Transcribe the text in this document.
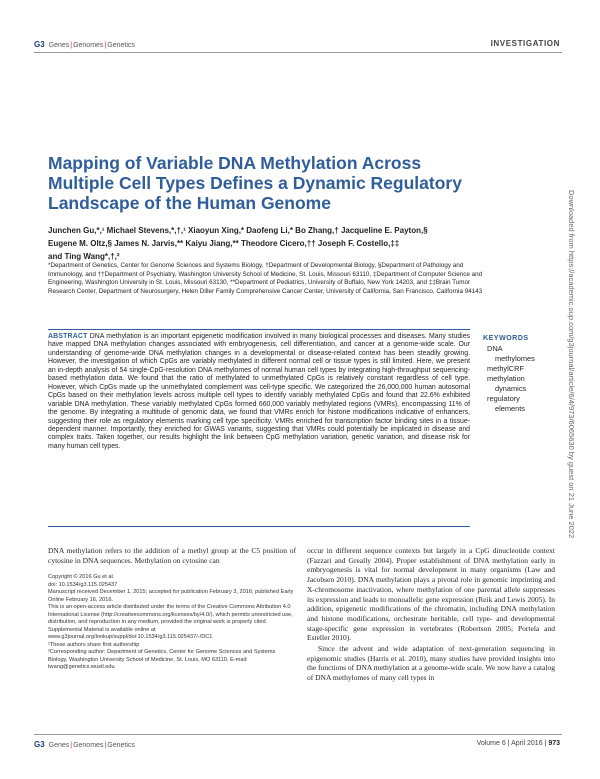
G3 Genes|Genomes|Genetics	INVESTIGATION
Mapping of Variable DNA Methylation Across Multiple Cell Types Defines a Dynamic Regulatory Landscape of the Human Genome
Junchen Gu,*,¹ Michael Stevens,*,†,¹ Xiaoyun Xing,* Daofeng Li,* Bo Zhang,† Jacqueline E. Payton,§
Eugene M. Oltz,§ James N. Jarvis,** Kaiyu Jiang,** Theodore Cicero,†† Joseph F. Costello,‡‡
and Ting Wang*,†,²
*Department of Genetics, Center for Genome Sciences and Systems Biology, †Department of Developmental Biology, §Department of Pathology and Immunology, and ††Department of Psychiatry, Washington University School of Medicine, St. Louis, Missouri 63110, ‡Department of Computer Science and Engineering, Washington University in St. Louis, Missouri 63130, **Department of Pediatrics, University of Buffalo, New York 14203, and ‡‡Brain Tumor Research Center, Department of Neurosurgery, Helen Diller Family Comprehensive Cancer Center, University of California, San Francisco, California 94143
ABSTRACT DNA methylation is an important epigenetic modification involved in many biological processes and diseases. Many studies have mapped DNA methylation changes associated with embryogenesis, cell differentiation, and cancer at a genome-wide scale. Our understanding of genome-wide DNA methylation changes in a developmental or disease-related context has been steadily growing. However, the investigation of which CpGs are variably methylated in different normal cell or tissue types is still limited. Here, we present an in-depth analysis of 54 single-CpG-resolution DNA methylomes of normal human cell types by integrating high-throughput sequencing-based methylation data. We found that the ratio of methylated to unmethylated CpGs is relatively constant regardless of cell type. However, which CpGs made up the unmethylated complement was cell-type specific. We categorized the 26,000,000 human autosomal CpGs based on their methylation levels across multiple cell types to identify variably methylated CpGs and found that 22.6% exhibited variable DNA methylation. These variably methylated CpGs formed 660,000 variably methylated regions (VMRs), encompassing 11% of the genome. By integrating a multitude of genomic data, we found that VMRs enrich for histone modifications indicative of enhancers, suggesting their role as regulatory elements marking cell type specificity. VMRs enriched for transcription factor binding sites in a tissue-dependent manner. Importantly, they enriched for GWAS variants, suggesting that VMRs could potentially be implicated in disease and complex traits. Taken together, our results highlight the link between CpG methylation variation, genetic variation, and disease risk for many human cell types.
KEYWORDS
DNA
methylomes
methylCRF
methylation
dynamics
regulatory
elements	Downloaded from https://academic.oup.com/g3journal/article/6/4/973/6065630 by guest on 21 June 2022
DNA methylation refers to the addition of a methyl group at the C5 position of cytosine in DNA sequences. Methylation on cytosine can
Copyright © 2016 Gu et al.
doi: 10.1534/g3.115.025437
Manuscript received December 1, 2015; accepted for publication February 3, 2016; published Early Online February 16, 2016.
This is an open-access article distributed under the terms of the Creative Commons Attribution 4.0 International License (http://creativecommons.org/licenses/by/4.0/), which permits unrestricted use, distribution, and reproduction in any medium, provided the original work is properly cited.
Supplemental Material is available online at www.g3journal.org/lookup/suppl/doi:10.1534/g3.115.025437/-/DC1
¹These authors share first authorship
²Corresponding author: Department of Genetics, Center for Genome Sciences and Systems Biology, Washington University School of Medicine, St. Louis, MO 63110. E-mail: twang@genetics.wustl.edu

occur in different sequence contexts but largely in a CpG dinucleotide context (Fazzari and Greally 2004). Proper establishment of DNA methylation early in embryogenesis is vital for normal development in many organisms (Law and Jacobsen 2010). DNA methylation plays a pivotal role in genomic imprinting and X-chromosome inactivation, where methylation of one parental allele suppresses its expression and leads to monoallelic gene expression (Reik and Lewis 2005). In addition, epigenetic modifications of the chromatin, including DNA methylation and histone modifications, orchestrate heritable, cell type- and developmental stage-specific gene expression in vertebrates (Robertson 2005; Portela and Esteller 2010).

Since the advent and wide adaptation of next-generation sequencing in epigenomic studies (Harris et al. 2010), many studies have provided insights into the functions of DNA methylation at a genome-wide scale. We now have a catalog of DNA methylomes of many cell types in

G3 Genes|Genomes|Genetics	Volume 6 | April 2016 | 973
